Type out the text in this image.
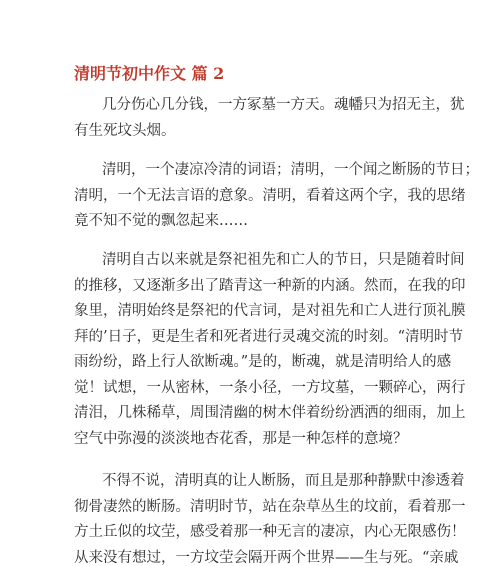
清明节初中作文 篇 2
几分伤心几分钱，一方冢墓一方天。魂幡只为招无主，犹
有生死坟头烟。
清明，一个凄凉冷清的词语；清明，一个闻之断肠的节日；
清明，一个无法言语的意象。清明，看着这两个字，我的思绪
竟不知不觉的飘忽起来……
清明自古以来就是祭祀祖先和亡人的节日，只是随着时间
的推移，又逐渐多出了踏青这一种新的内涵。然而，在我的印
象里，清明始终是祭祀的代言词，是对祖先和亡人进行顶礼膜
拜的’日子，更是生者和死者进行灵魂交流的时刻。“清明时节
雨纷纷，路上行人欲断魂。”是的，断魂，就是清明给人的感
觉！试想，一从密林，一条小径，一方坟墓，一颗碎心，两行
清泪，几株稀草，周围清幽的树木伴着纷纷洒洒的细雨，加上
空气中弥漫的淡淡地杏花香，那是一种怎样的意境？
不得不说，清明真的让人断肠，而且是那种静默中渗透着
彻骨凄然的断肠。清明时节，站在杂草丛生的坟前，看着那一
方土丘似的坟茔，感受着那一种无言的凄凉，内心无限感伤！
从来没有想过，一方坟茔会隔开两个世界——生与死。“亲戚
